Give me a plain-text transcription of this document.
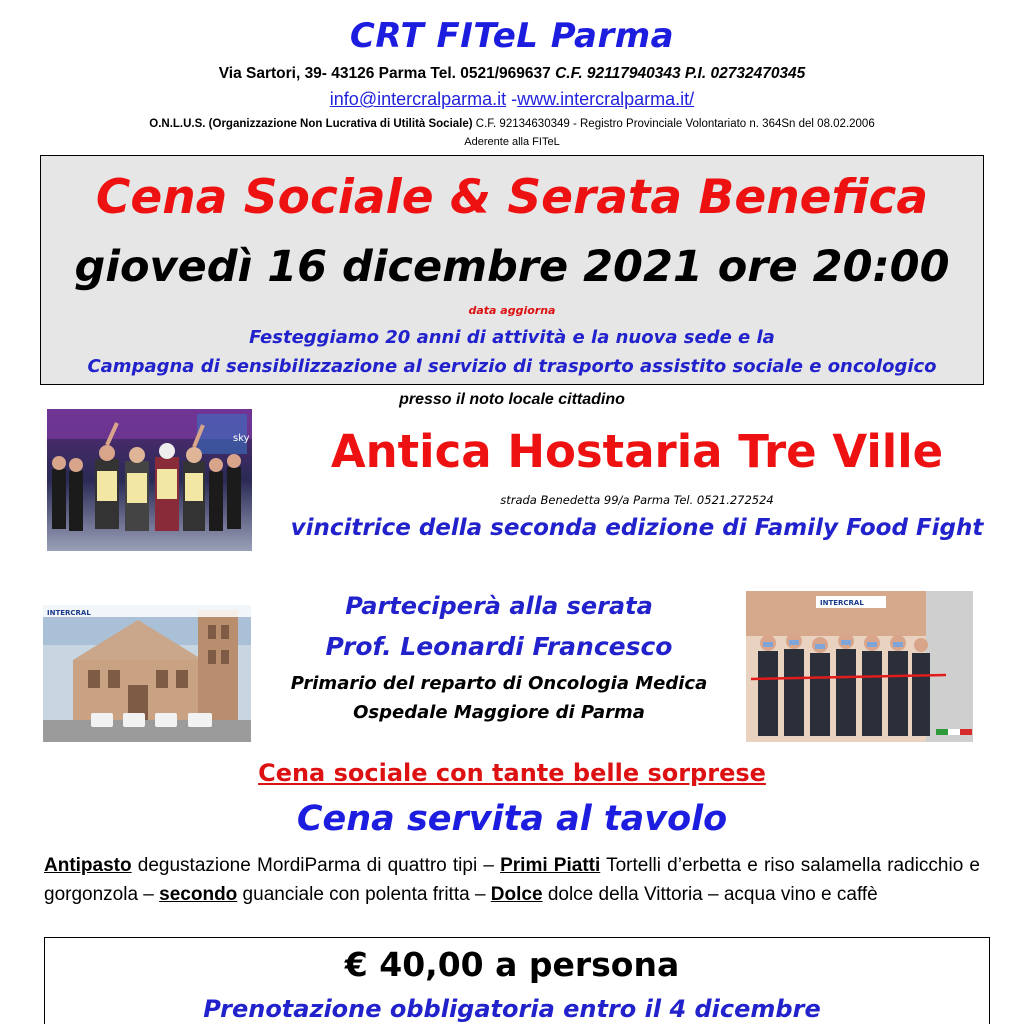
CRT FITeL Parma
Via Sartori, 39- 43126 Parma Tel. 0521/969637 C.F. 92117940343 P.I. 02732470345
info@intercralparma.it -www.intercralparma.it/
O.N.L.U.S. (Organizzazione Non Lucrativa di Utilità Sociale) C.F. 92134630349 - Registro Provinciale Volontariato n. 364Sn del 08.02.2006
Aderente alla FITeL
Cena Sociale & Serata Benefica
giovedì 16 dicembre 2021 ore 20:00
data aggiorna
Festeggiamo 20 anni di attività e la nuova sede e la
Campagna di sensibilizzazione al servizio di trasporto assistito sociale e oncologico
presso il noto locale cittadino
sky	Antica Hostaria Tre Ville
strada Benedetta 99/a Parma Tel. 0521.272524
vincitrice della seconda edizione di Family Food Fight
INTERCRAL	Parteciperà alla serata
Prof. Leonardi Francesco
Primario del reparto di Oncologia Medica
Ospedale Maggiore di Parma
INTERCRAL
Cena sociale con tante belle sorprese
Cena servita al tavolo
Antipasto degustazione MordiParma di quattro tipi – Primi Piatti Tortelli d’erbetta e riso salamella radicchio e gorgonzola – secondo guanciale con polenta fritta – Dolce dolce della Vittoria – acqua vino e caffè
€ 40,00 a persona
Prenotazione obbligatoria entro il 4 dicembre
